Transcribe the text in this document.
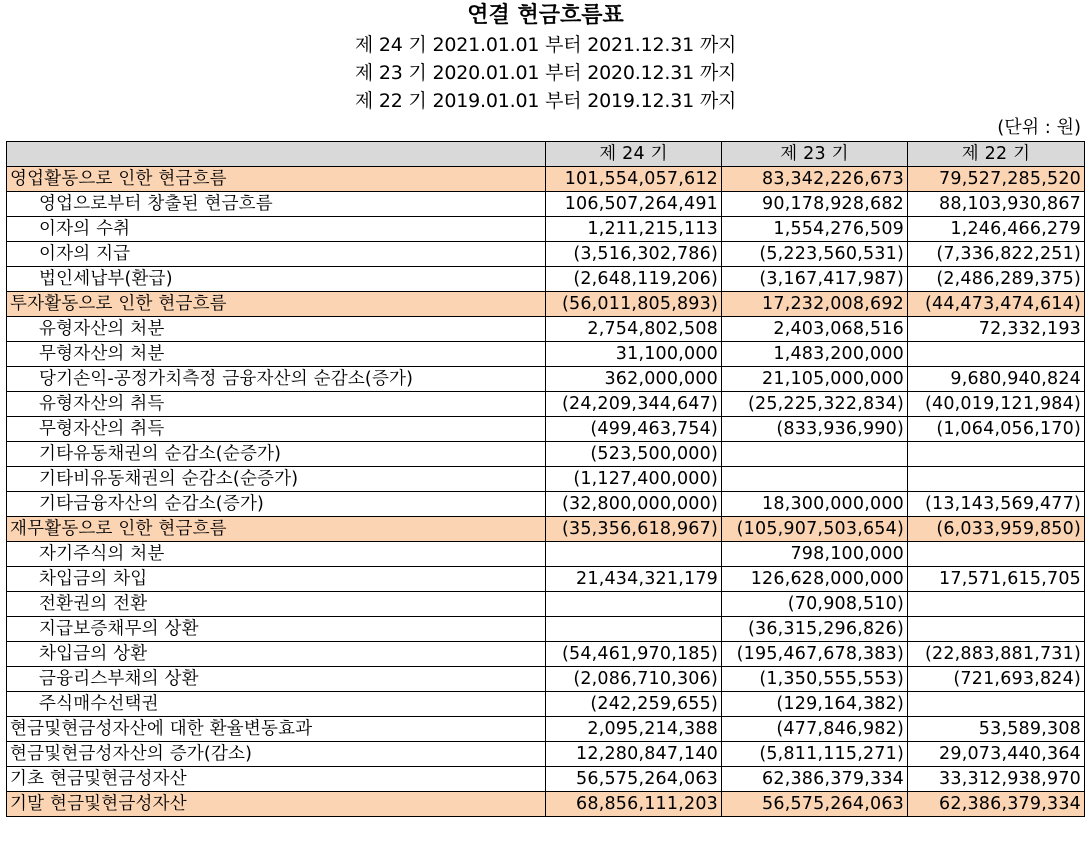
연결 현금흐름표
제 24 기 2021.01.01 부터 2021.12.31 까지
제 23 기 2020.01.01 부터 2020.12.31 까지
제 22 기 2019.01.01 부터 2019.12.31 까지
(단위 : 원)
	제 24 기	제 23 기	제 22 기
영업활동으로 인한 현금흐름	101,554,057,612	83,342,226,673	79,527,285,520
영업으로부터 창출된 현금흐름	106,507,264,491	90,178,928,682	88,103,930,867
이자의 수취	1,211,215,113	1,554,276,509	1,246,466,279
이자의 지급	(3,516,302,786)	(5,223,560,531)	(7,336,822,251)
법인세납부(환급)	(2,648,119,206)	(3,167,417,987)	(2,486,289,375)
투자활동으로 인한 현금흐름	(56,011,805,893)	17,232,008,692	(44,473,474,614)
유형자산의 처분	2,754,802,508	2,403,068,516	72,332,193
무형자산의 처분	31,100,000	1,483,200,000	
당기손익-공정가치측정 금융자산의 순감소(증가)	362,000,000	21,105,000,000	9,680,940,824
유형자산의 취득	(24,209,344,647)	(25,225,322,834)	(40,019,121,984)
무형자산의 취득	(499,463,754)	(833,936,990)	(1,064,056,170)
기타유동채권의 순감소(순증가)	(523,500,000)		
기타비유동채권의 순감소(순증가)	(1,127,400,000)		
기타금융자산의 순감소(증가)	(32,800,000,000)	18,300,000,000	(13,143,569,477)
재무활동으로 인한 현금흐름	(35,356,618,967)	(105,907,503,654)	(6,033,959,850)
자기주식의 처분		798,100,000	
차입금의 차입	21,434,321,179	126,628,000,000	17,571,615,705
전환권의 전환		(70,908,510)	
지급보증채무의 상환		(36,315,296,826)	
차입금의 상환	(54,461,970,185)	(195,467,678,383)	(22,883,881,731)
금융리스부채의 상환	(2,086,710,306)	(1,350,555,553)	(721,693,824)
주식매수선택권	(242,259,655)	(129,164,382)	
현금및현금성자산에 대한 환율변동효과	2,095,214,388	(477,846,982)	53,589,308
현금및현금성자산의 증가(감소)	12,280,847,140	(5,811,115,271)	29,073,440,364
기초 현금및현금성자산	56,575,264,063	62,386,379,334	33,312,938,970
기말 현금및현금성자산	68,856,111,203	56,575,264,063	62,386,379,334
